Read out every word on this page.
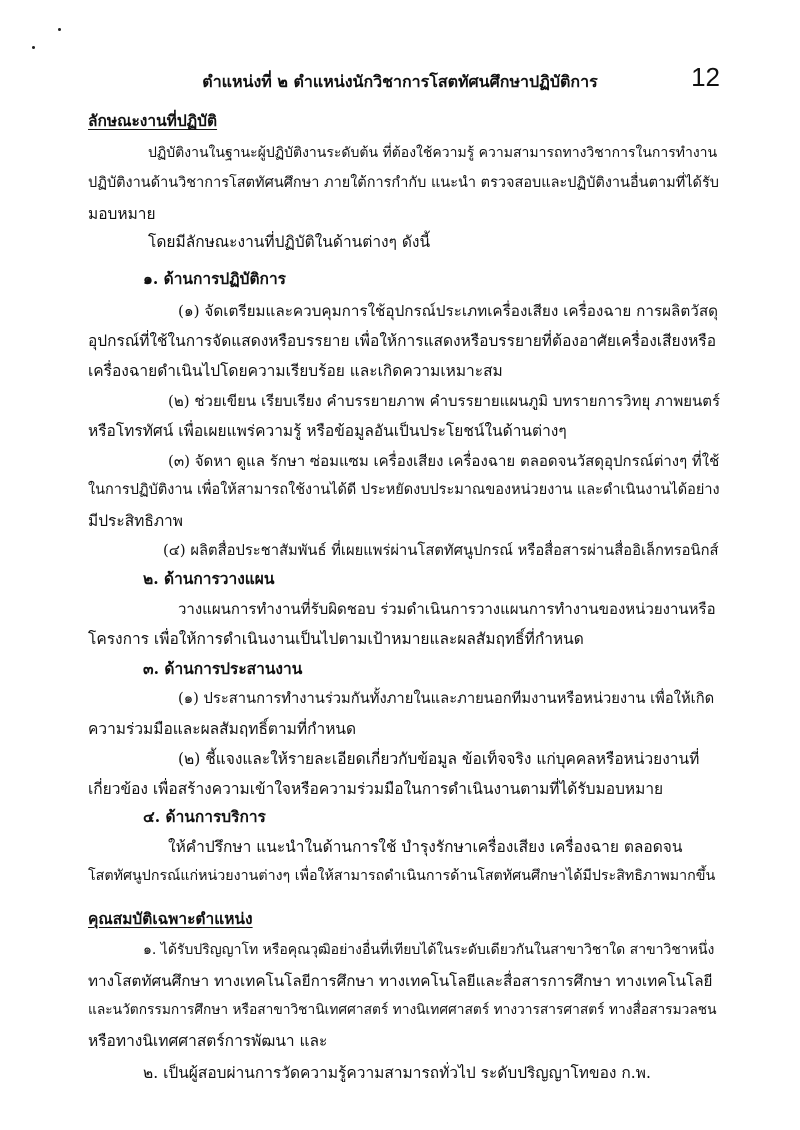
ตำแหน่งที่ ๒ ตำแหน่งนักวิชาการโสตทัศนศึกษาปฏิบัติการ	12
ลักษณะงานที่ปฏิบัติ
ปฏิบัติงานในฐานะผู้ปฏิบัติงานระดับต้น ที่ต้องใช้ความรู้ ความสามารถทางวิชาการในการทำงาน
ปฏิบัติงานด้านวิชาการโสตทัศนศึกษา ภายใต้การกำกับ แนะนำ ตรวจสอบและปฏิบัติงานอื่นตามที่ได้รับ
มอบหมาย
โดยมีลักษณะงานที่ปฏิบัติในด้านต่างๆ ดังนี้
๑. ด้านการปฏิบัติการ
(๑) จัดเตรียมและควบคุมการใช้อุปกรณ์ประเภทเครื่องเสียง เครื่องฉาย การผลิตวัสดุ
อุปกรณ์ที่ใช้ในการจัดแสดงหรือบรรยาย เพื่อให้การแสดงหรือบรรยายที่ต้องอาศัยเครื่องเสียงหรือ
เครื่องฉายดำเนินไปโดยความเรียบร้อย และเกิดความเหมาะสม
(๒) ช่วยเขียน เรียบเรียง คำบรรยายภาพ คำบรรยายแผนภูมิ บทรายการวิทยุ ภาพยนตร์
หรือโทรทัศน์ เพื่อเผยแพร่ความรู้ หรือข้อมูลอันเป็นประโยชน์ในด้านต่างๆ
(๓) จัดหา ดูแล รักษา ซ่อมแซม เครื่องเสียง เครื่องฉาย ตลอดจนวัสดุอุปกรณ์ต่างๆ ที่ใช้
ในการปฏิบัติงาน เพื่อให้สามารถใช้งานได้ดี ประหยัดงบประมาณของหน่วยงาน และดำเนินงานได้อย่าง
มีประสิทธิภาพ
(๔) ผลิตสื่อประชาสัมพันธ์ ที่เผยแพร่ผ่านโสตทัศนูปกรณ์ หรือสื่อสารผ่านสื่ออิเล็กทรอนิกส์
๒. ด้านการวางแผน
วางแผนการทำงานที่รับผิดชอบ ร่วมดำเนินการวางแผนการทำงานของหน่วยงานหรือ
โครงการ เพื่อให้การดำเนินงานเป็นไปตามเป้าหมายและผลสัมฤทธิ์ที่กำหนด
๓. ด้านการประสานงาน
(๑) ประสานการทำงานร่วมกันทั้งภายในและภายนอกทีมงานหรือหน่วยงาน เพื่อให้เกิด
ความร่วมมือและผลสัมฤทธิ์ตามที่กำหนด
(๒) ชี้แจงและให้รายละเอียดเกี่ยวกับข้อมูล ข้อเท็จจริง แก่บุคคลหรือหน่วยงานที่
เกี่ยวข้อง เพื่อสร้างความเข้าใจหรือความร่วมมือในการดำเนินงานตามที่ได้รับมอบหมาย
๔. ด้านการบริการ
ให้คำปรึกษา แนะนำในด้านการใช้ บำรุงรักษาเครื่องเสียง เครื่องฉาย ตลอดจน
โสตทัศนูปกรณ์แก่หน่วยงานต่างๆ เพื่อให้สามารถดำเนินการด้านโสตทัศนศึกษาได้มีประสิทธิภาพมากขึ้น
คุณสมบัติเฉพาะตำแหน่ง
๑. ได้รับปริญญาโท หรือคุณวุฒิอย่างอื่นที่เทียบได้ในระดับเดียวกันในสาขาวิชาใด สาขาวิชาหนึ่ง
ทางโสตทัศนศึกษา ทางเทคโนโลยีการศึกษา ทางเทคโนโลยีและสื่อสารการศึกษา ทางเทคโนโลยี
และนวัตกรรมการศึกษา หรือสาขาวิชานิเทศศาสตร์ ทางนิเทศศาสตร์ ทางวารสารศาสตร์ ทางสื่อสารมวลชน
หรือทางนิเทศศาสตร์การพัฒนา และ
๒. เป็นผู้สอบผ่านการวัดความรู้ความสามารถทั่วไป ระดับปริญญาโทของ ก.พ.
